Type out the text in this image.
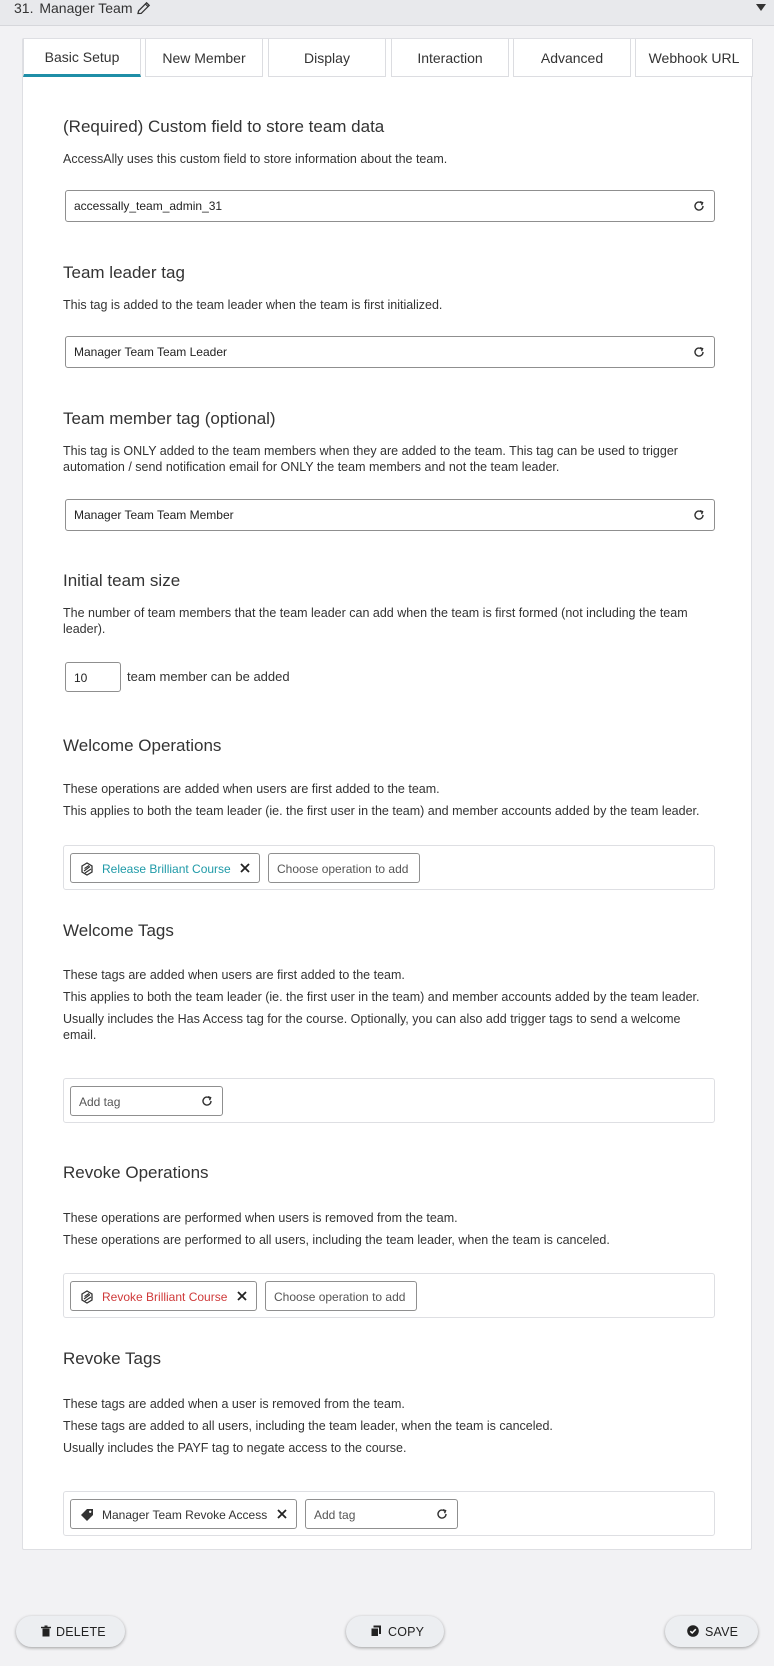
31. Manager Team
Basic Setup	New Member	Display	Interaction	Advanced	Webhook URL
(Required) Custom field to store team data
AccessAlly uses this custom field to store information about the team.
accessally_team_admin_31
Team leader tag
This tag is added to the team leader when the team is first initialized.
Manager Team Team Leader
Team member tag (optional)
This tag is ONLY added to the team members when they are added to the team. This tag can be used to trigger automation / send notification email for ONLY the team members and not the team leader.
Manager Team Team Member
Initial team size
The number of team members that the team leader can add when the team is first formed (not including the team leader).
10	team member can be added
Welcome Operations
These operations are added when users are first added to the team.
This applies to both the team leader (ie. the first user in the team) and member accounts added by the team leader.
Release Brilliant Course	Choose operation to add
Welcome Tags
These tags are added when users are first added to the team.
This applies to both the team leader (ie. the first user in the team) and member accounts added by the team leader.
Usually includes the Has Access tag for the course. Optionally, you can also add trigger tags to send a welcome email.
Add tag
Revoke Operations
These operations are performed when users is removed from the team.
These operations are performed to all users, including the team leader, when the team is canceled.
Revoke Brilliant Course	Choose operation to add
Revoke Tags
These tags are added when a user is removed from the team.
These tags are added to all users, including the team leader, when the team is canceled.
Usually includes the PAYF tag to negate access to the course.
Manager Team Revoke Access	Add tag
DELETE	COPY	SAVE
